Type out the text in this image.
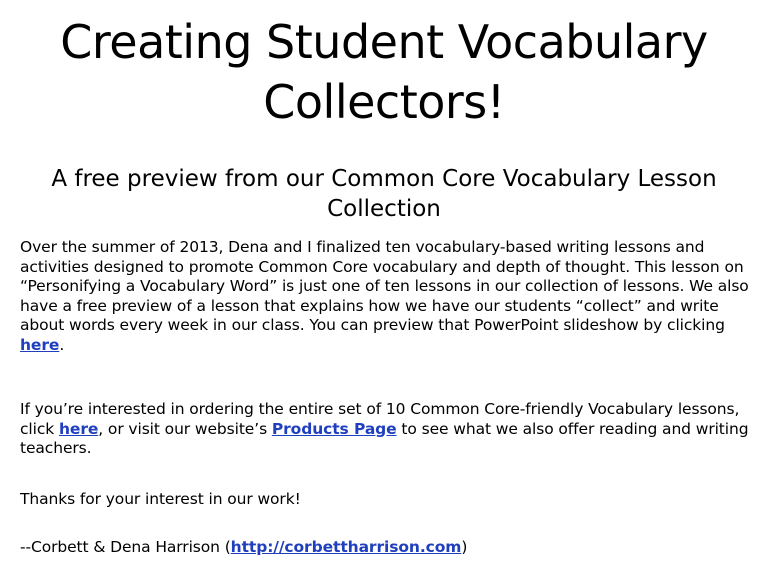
Creating Student Vocabulary Collectors!
A free preview from our Common Core Vocabulary Lesson Collection

Over the summer of 2013, Dena and I finalized ten vocabulary-based writing lessons and activities designed to promote Common Core vocabulary and depth of thought. This lesson on “Personifying a Vocabulary Word” is just one of ten lessons in our collection of lessons. We also have a free preview of a lesson that explains how we have our students “collect” and write about words every week in our class. You can preview that PowerPoint slideshow by clicking here.

If you’re interested in ordering the entire set of 10 Common Core-friendly Vocabulary lessons, click here, or visit our website’s Products Page to see what we also offer reading and writing teachers.

Thanks for your interest in our work!

--Corbett & Dena Harrison (http://corbettharrison.com)
